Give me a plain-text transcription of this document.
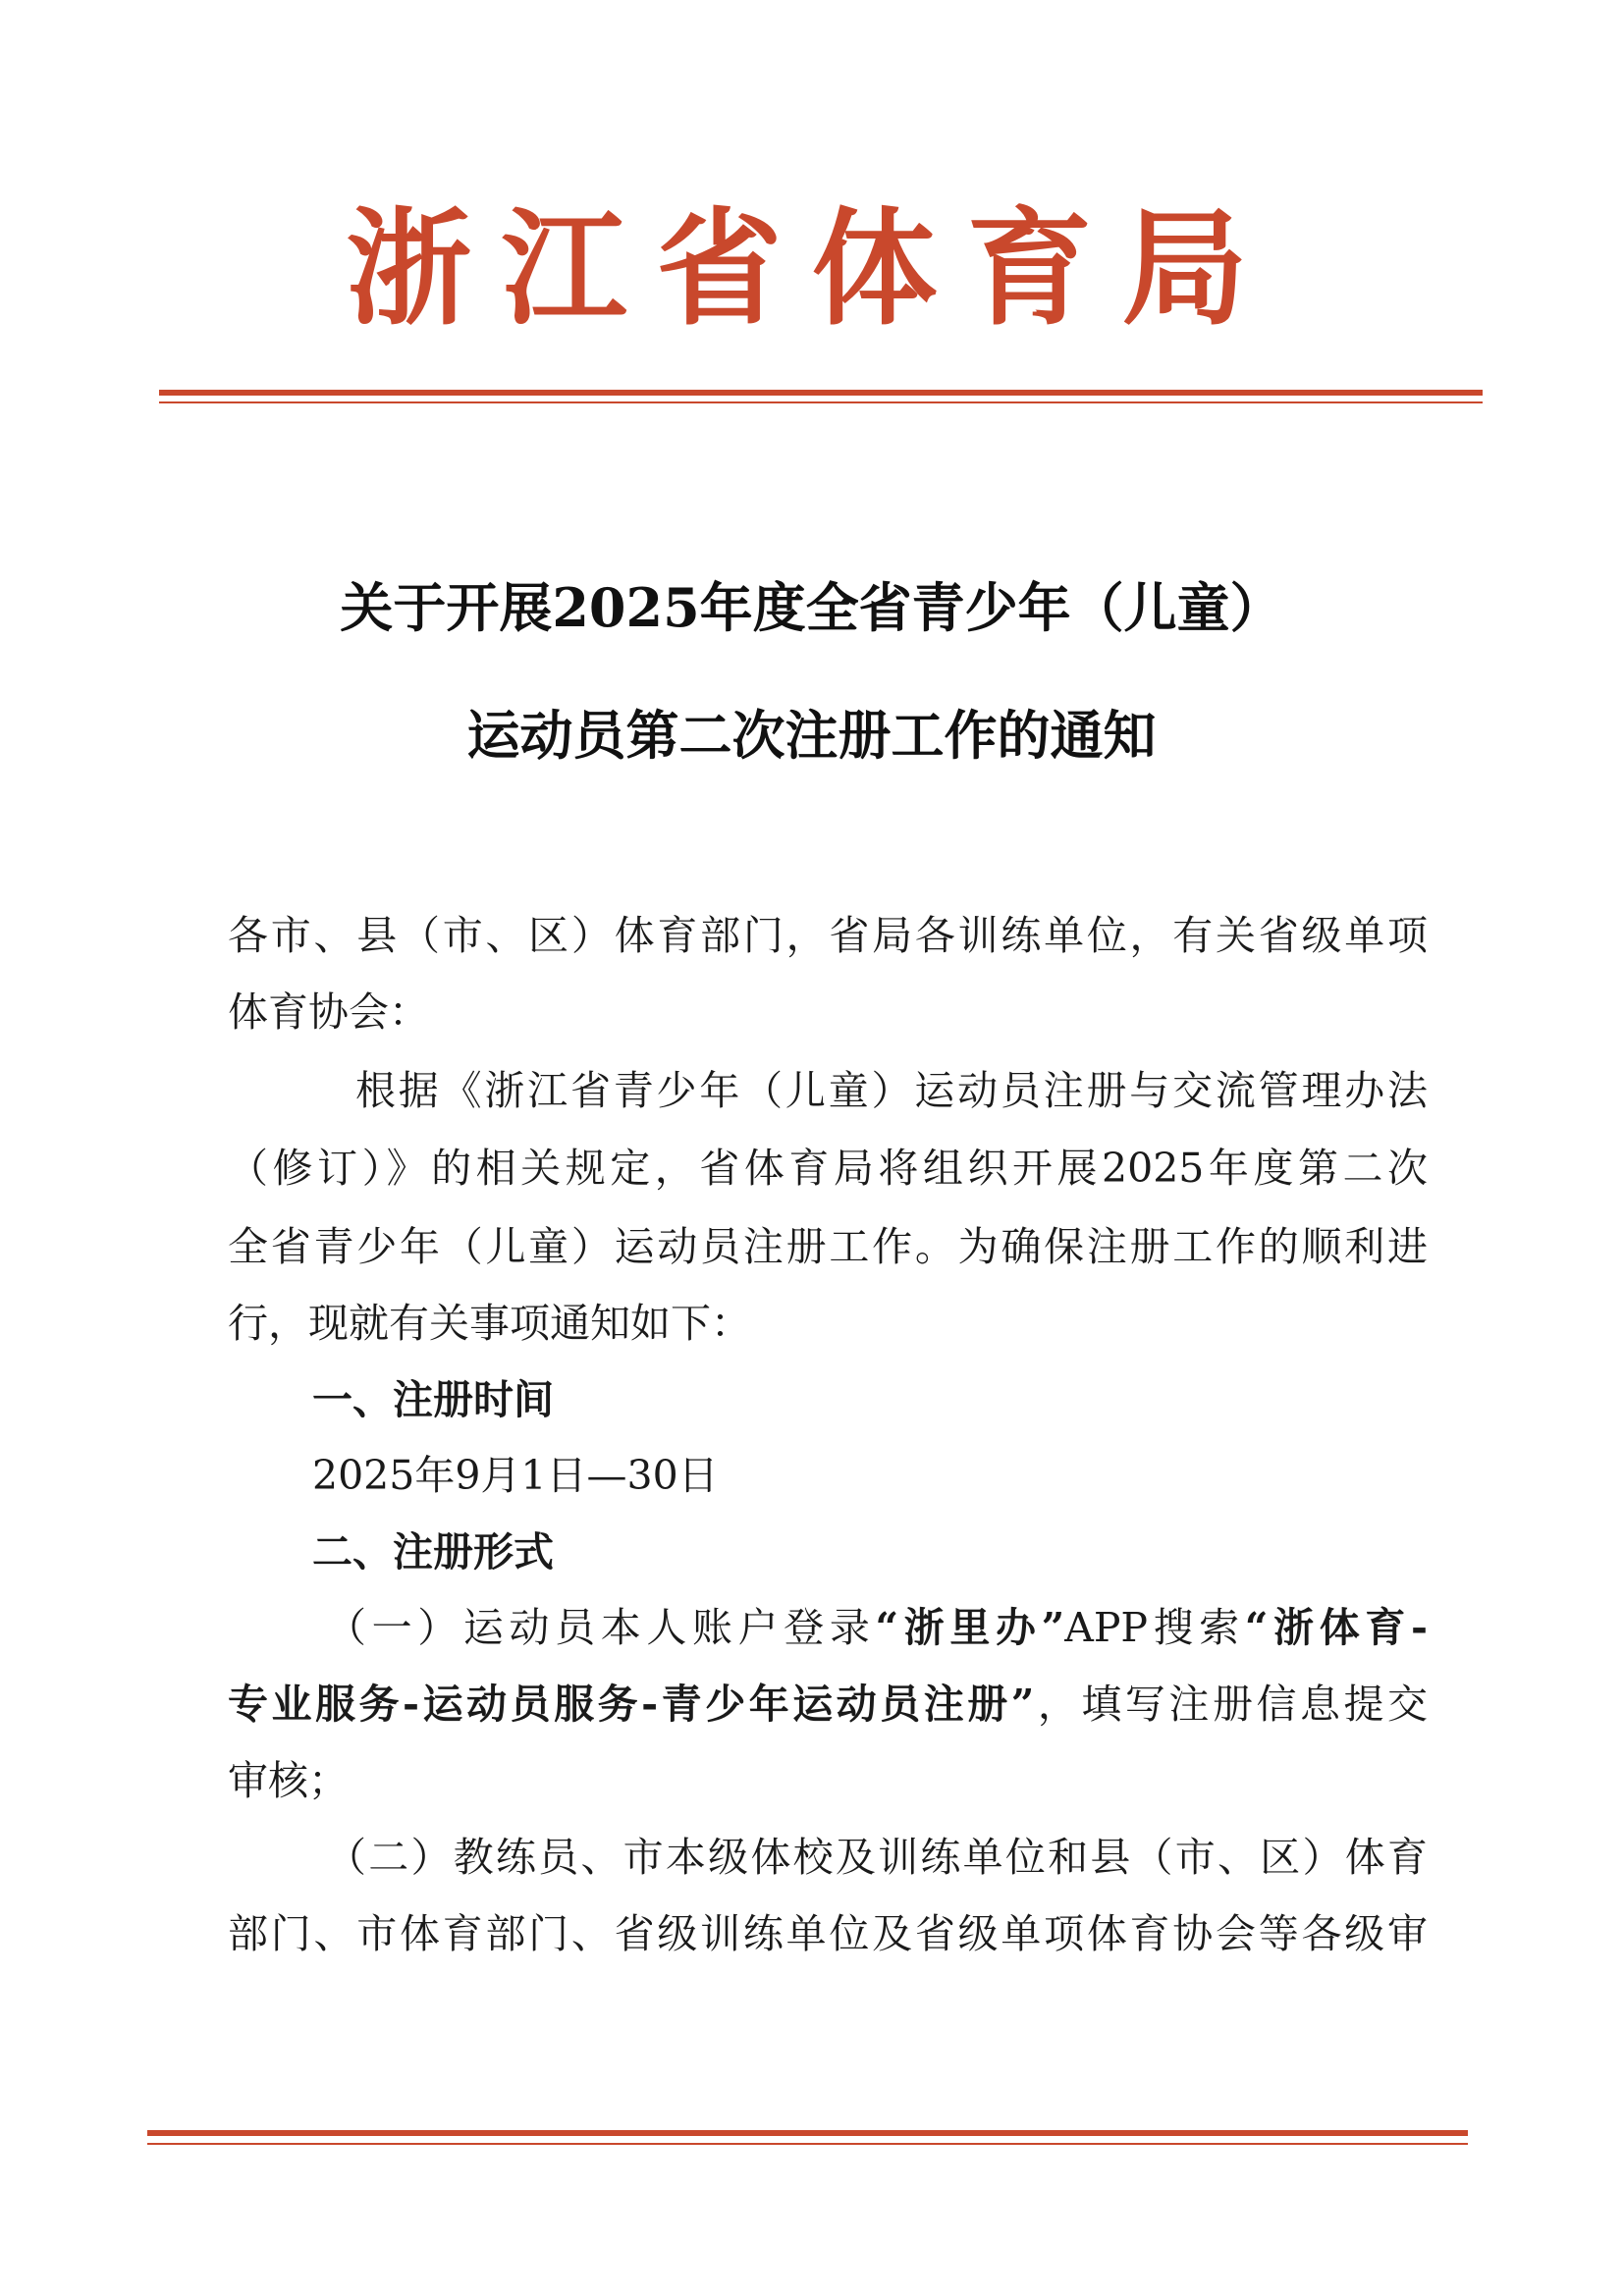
浙江省体育局
关于开展2025年度全省青少年（儿童）
运动员第二次注册工作的通知
各市、县（市、区）体育部门，省局各训练单位，有关省级单项
体育协会：
根据《浙江省青少年（儿童）运动员注册与交流管理办法
（修订）》的相关规定，省体育局将组织开展2025年度第二次
全省青少年（儿童）运动员注册工作。为确保注册工作的顺利进
行，现就有关事项通知如下：
一、注册时间
2025年9月1日—30日
二、注册形式
（一）运动员本人账户登录“浙里办”APP搜索“浙体育-
专业服务-运动员服务-青少年运动员注册”，填写注册信息提交
审核；
（二）教练员、市本级体校及训练单位和县（市、区）体育
部门、市体育部门、省级训练单位及省级单项体育协会等各级审
